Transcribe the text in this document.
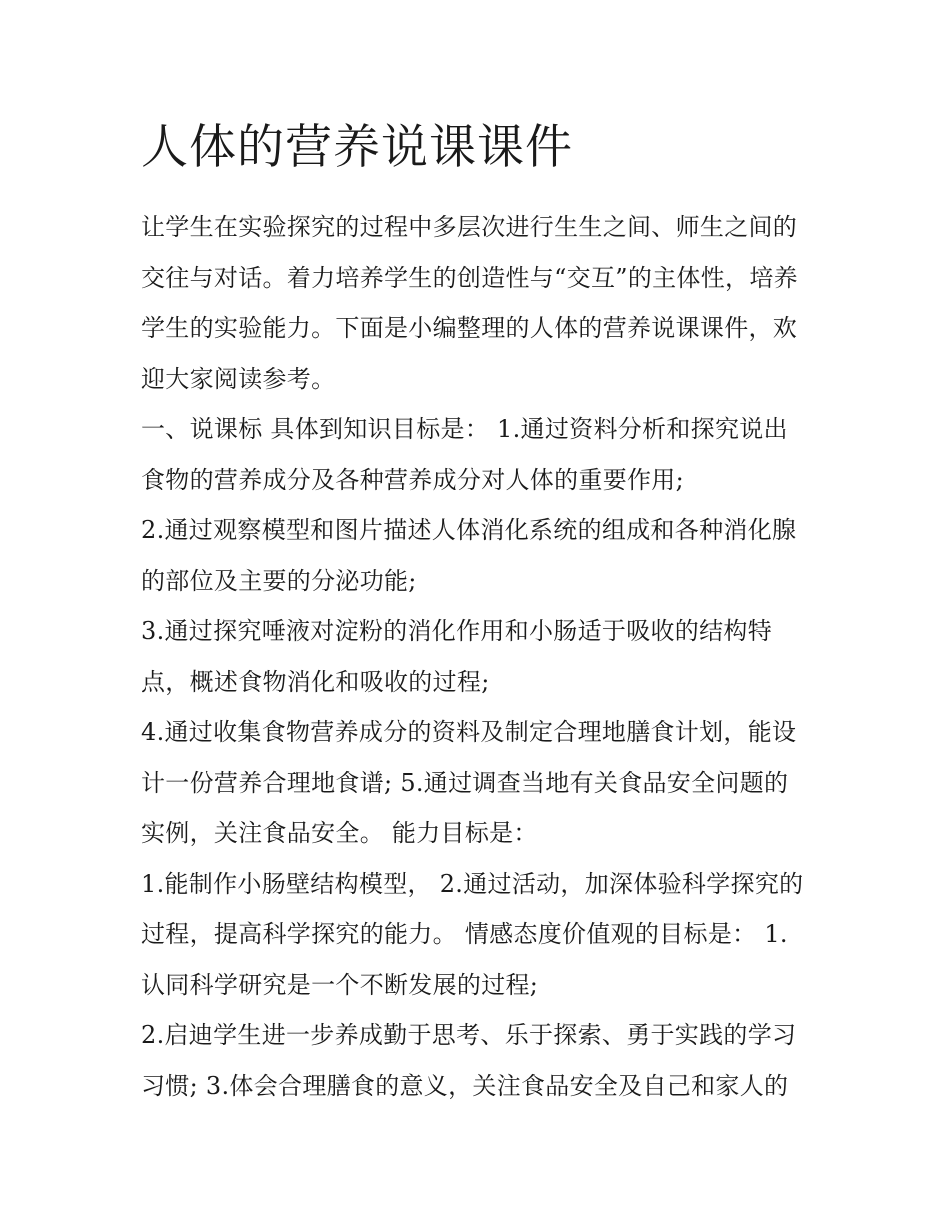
人体的营养说课课件
让学生在实验探究的过程中多层次进行生生之间、师生之间的
交往与对话。着力培养学生的创造性与“交互”的主体性，培养
学生的实验能力。下面是小编整理的人体的营养说课课件，欢
迎大家阅读参考。
一、说课标 具体到知识目标是： 1.通过资料分析和探究说出
食物的营养成分及各种营养成分对人体的重要作用;
2.通过观察模型和图片描述人体消化系统的组成和各种消化腺
的部位及主要的分泌功能;
3.通过探究唾液对淀粉的消化作用和小肠适于吸收的结构特
点，概述食物消化和吸收的过程;
4.通过收集食物营养成分的资料及制定合理地膳食计划，能设
计一份营养合理地食谱; 5.通过调查当地有关食品安全问题的
实例，关注食品安全。 能力目标是：
1.能制作小肠壁结构模型， 2.通过活动，加深体验科学探究的
过程，提高科学探究的能力。 情感态度价值观的目标是： 1.
认同科学研究是一个不断发展的过程;
2.启迪学生进一步养成勤于思考、乐于探索、勇于实践的学习
习惯; 3.体会合理膳食的意义，关注食品安全及自己和家人的
